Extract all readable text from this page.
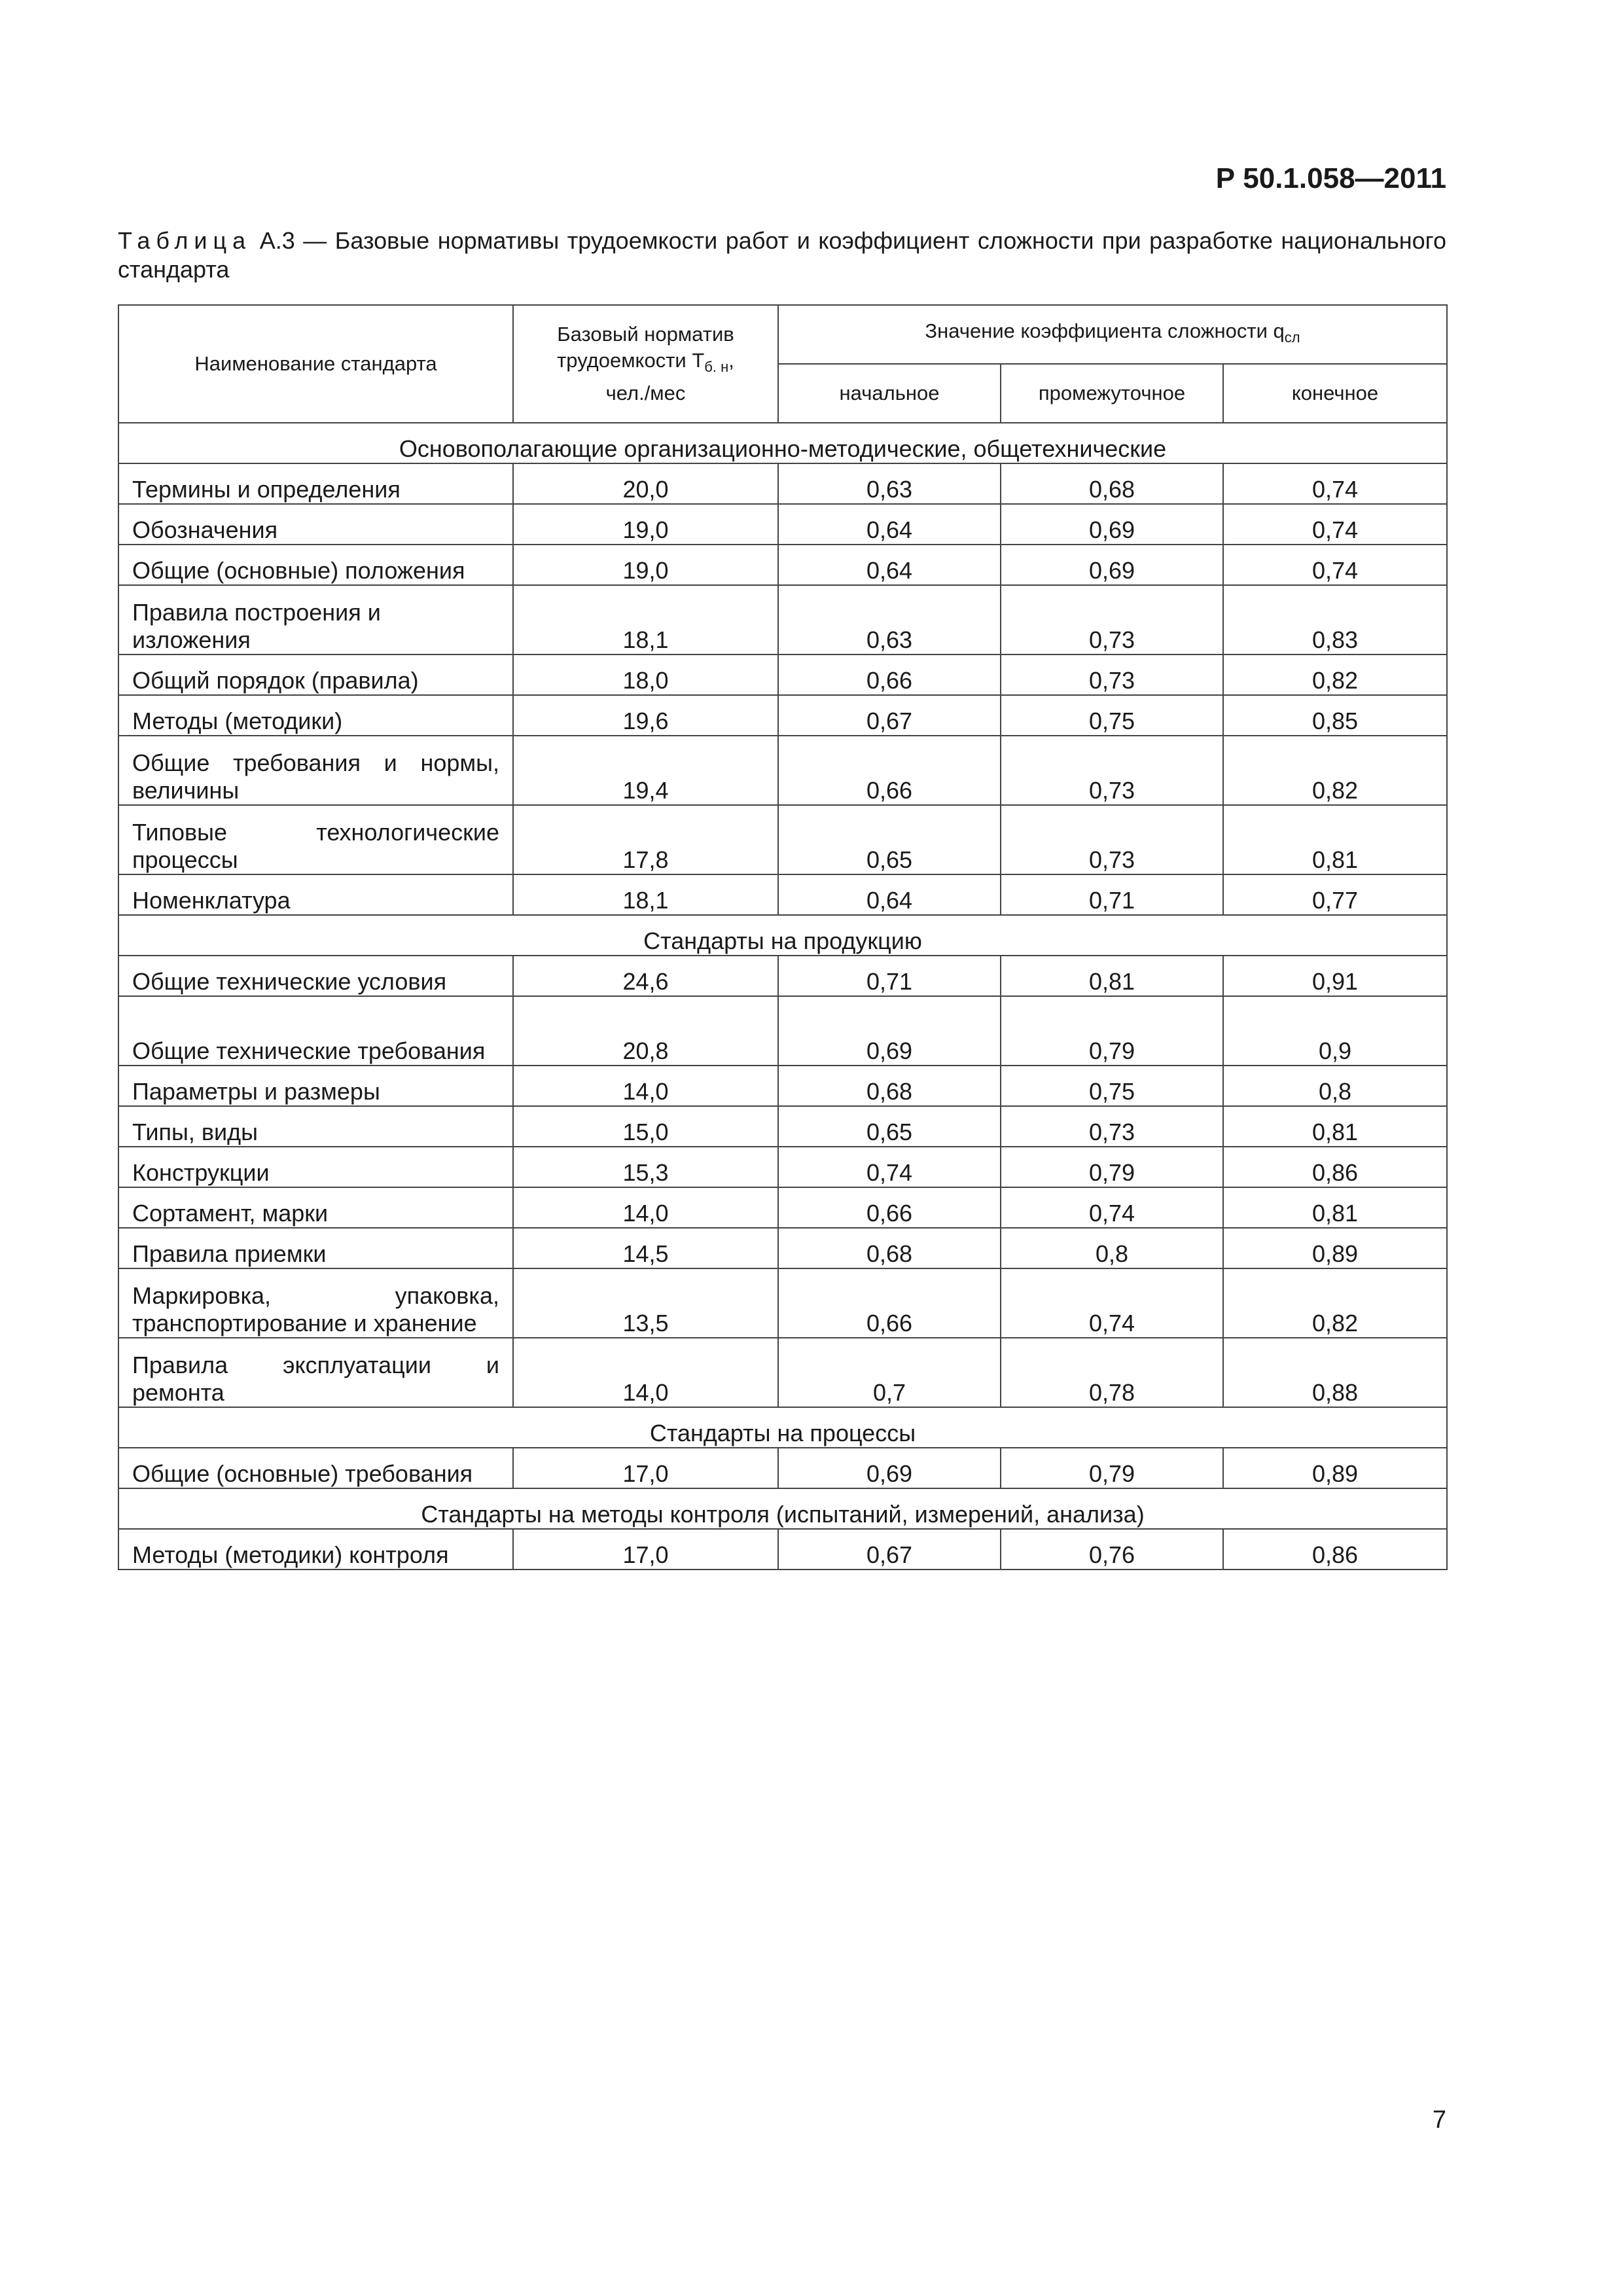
Р 50.1.058—2011
Таблица А.3 — Базовые нормативы трудоемкости работ и коэффициент сложности при разработке национального стандарта
Наименование стандарта	Базовый норматив
трудоемкости $T_{б. н}$,
чел./мес	Значение коэффициента сложности $q_{сл}$
		начальное	промежуточное	конечное
Основополагающие организационно-методические, общетехнические				
Термины и определения	20,0	0,63	0,68	0,74
Обозначения	19,0	0,64	0,69	0,74
Общие (основные) положения	19,0	0,64	0,69	0,74
Правила построения и изложения	18,1	0,63	0,73	0,83
Общий порядок (правила)	18,0	0,66	0,73	0,82
Методы (методики)	19,6	0,67	0,75	0,85
Общие требования и нормы, величины	19,4	0,66	0,73	0,82
Типовые технологические процессы	17,8	0,65	0,73	0,81
Номенклатура	18,1	0,64	0,71	0,77
Стандарты на продукцию				
Общие технические условия	24,6	0,71	0,81	0,91
Общие технические требования	20,8	0,69	0,79	0,9
Параметры и размеры	14,0	0,68	0,75	0,8
Типы, виды	15,0	0,65	0,73	0,81
Конструкции	15,3	0,74	0,79	0,86
Сортамент, марки	14,0	0,66	0,74	0,81
Правила приемки	14,5	0,68	0,8	0,89
Маркировка, упаковка, транспортирование и хранение	13,5	0,66	0,74	0,82
Правила эксплуатации и ремонта	14,0	0,7	0,78	0,88
Стандарты на процессы				
Общие (основные) требования	17,0	0,69	0,79	0,89
Стандарты на методы контроля (испытаний, измерений, анализа)				
Методы (методики) контроля	17,0	0,67	0,76	0,86
7
